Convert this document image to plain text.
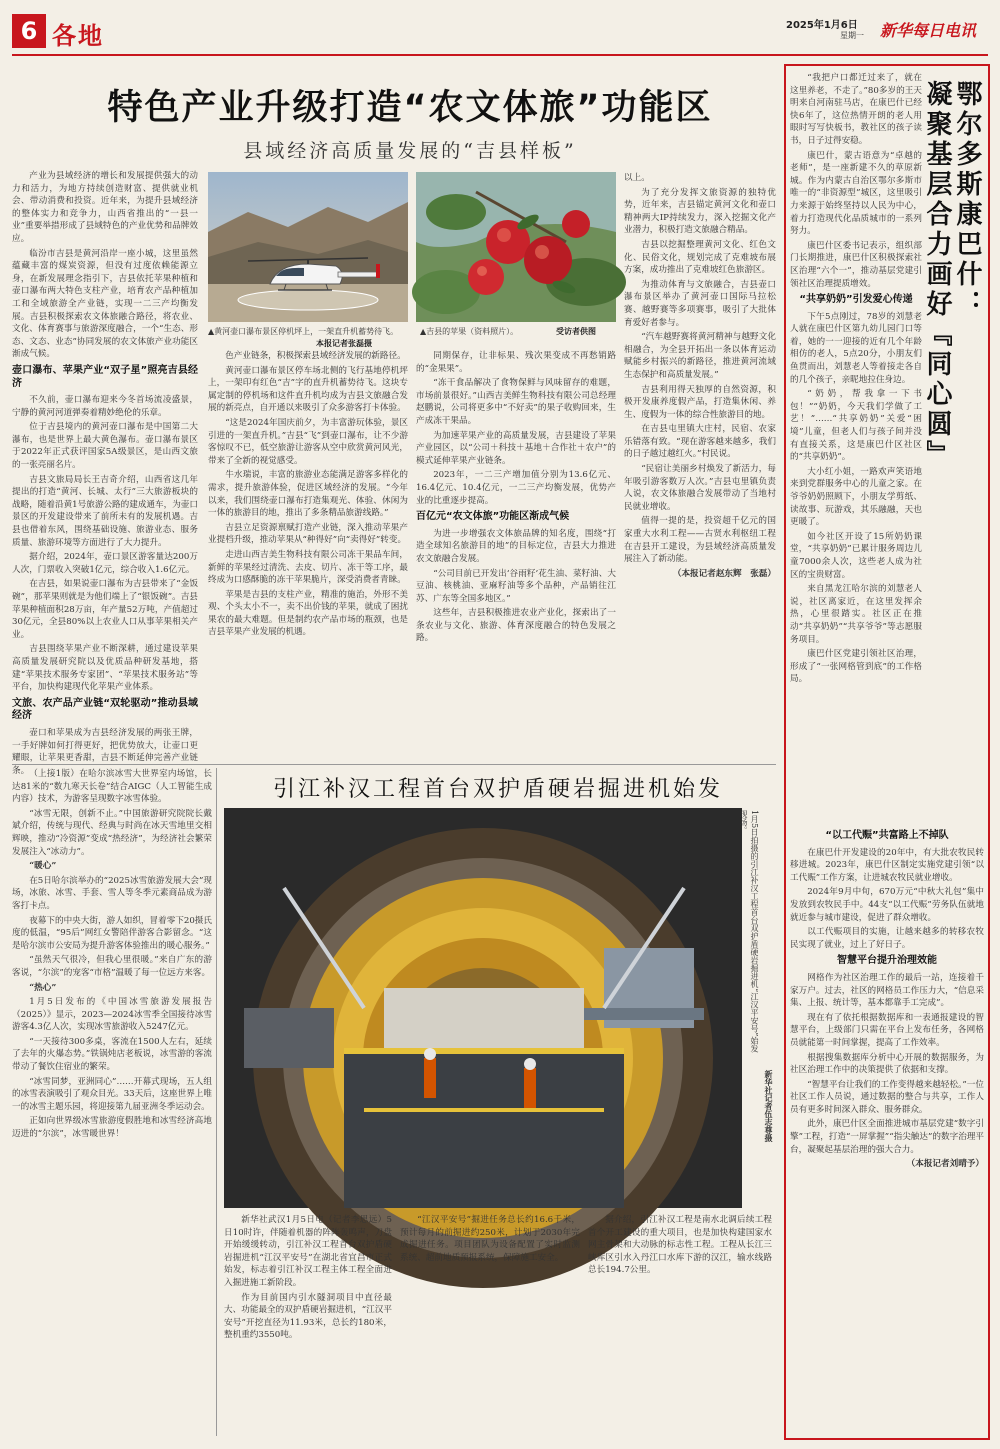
6 各地	2025年1月6日
星期一 新华每日电讯
特色产业升级打造“农文体旅”功能区
县域经济高质量发展的“吉县样板”

产业为县域经济的增长和发展提供强大的动力和活力，为地方持续创造财富、提供就业机会、带动消费和投资。近年来，为提升县域经济的整体实力和竞争力，山西省推出的“一县一业”重要举措形成了县域特色的产业优势和品牌效应。

临汾市吉县是黄河沿岸一座小城，这里虽然蕴藏丰富的煤炭资源，但没有过度依赖能源立身，在新发展理念指引下，吉县依托苹果种植和壶口瀑布两大特色支柱产业，培育农产品种植加工和全域旅游全产业链，实现一二三产均衡发展。吉县积极探索农文体旅融合路径，将农业、文化、体育赛事与旅游深度融合，一个“生态、形态、文态、业态”协同发展的农文体旅产业功能区渐成气候。

壶口瀑布、苹果产业“双子星”照亮吉县经济

不久前，壶口瀑布迎来今冬首场流凌盛景，宁静的黄河河道弹奏着精妙绝伦的乐章。

位于吉县境内的黄河壶口瀑布是中国第二大瀑布，也是世界上最大黄色瀑布。壶口瀑布景区于2022年正式获评国家5A级景区，是山西文旅的一张亮丽名片。

吉县文旅局局长王吉奇介绍，山西省这几年提出的打造“黄河、长城、太行”三大旅游板块的战略，随着沿黄1号旅游公路的建成通车，为壶口景区的开发建设带来了前所未有的发展机遇。吉县也借着东风，围绕基础设施、旅游业态、服务质量、旅游环境等方面进行了大力提升。

据介绍，2024年，壶口景区游客量达200万人次，门票收入突破1亿元，综合收入1.6亿元。

在吉县，如果说壶口瀑布为吉县带来了“金饭碗”，那苹果则就是为他们端上了“银饭碗”。吉县苹果种植面积28万亩，年产量52万吨，产值超过30亿元，全县80%以上农业人口从事苹果相关产业。

吉县围绕苹果产业不断深耕，通过建设苹果高质量发展研究院以及优质品种研发基地，搭建“苹果技术服务专家团”、“苹果技术服务站”等平台，加快构建现代化苹果产业体系。

文旅、农产品产业链“双轮驱动”推动县域经济

壶口和苹果成为吉县经济发展的两张王牌，一手好牌如何打得更好，把优势放大，让壶口更耀眼，让苹果更香甜，吉县不断延伸完善产业链条。

▲黄河壶口瀑布景区停机坪上，一架直升机蓄势待飞。
本报记者张磊摄
▲吉县的苹果（资料照片）。	受访者供图

色产业链条，积极探索县域经济发展的新路径。

黄河壶口瀑布景区停车场北侧的飞行基地停机坪上，一架印有红色“吉”字的直升机蓄势待飞。这块专属定制的停机场和这件直升机均成为吉县文旅融合发展的新亮点，自开通以来吸引了众多游客打卡体验。

“这是2024年国庆前夕，为丰富游玩体验，景区引进的一架直升机。”吉县“飞”到壶口瀑布，让不少游客惊叹不已，低空旅游让游客从空中欣赏黄河风光，带来了全新的视觉感受。

牛水瑞说，丰富的旅游业态能满足游客多样化的需求，提升旅游体验，促进区域经济的发展。“今年以来，我们围绕壶口瀑布打造集观光、体验、休闲为一体的旅游目的地，推出了多条精品旅游线路。”

吉县立足资源禀赋打造产业链，深入推动苹果产业提档升级，推动苹果从“种得好”向“卖得好”转变。

走进山西吉美生物科技有限公司冻干果品车间，新鲜的苹果经过清洗、去皮、切片、冻干等工序，最终成为口感酥脆的冻干苹果脆片，深受消费者青睐。

苹果是吉县的支柱产业，精准的施治，外形不美观、个头太小不一，卖不出价钱的苹果，就成了困扰果农的最大难题。但是制约农产品市场的瓶颈，也是吉县苹果产业发展的机遇。

同期保存，让非标果、残次果变成不再愁销路的“金果果”。

“冻干食品解决了食物保鲜与风味留存的难题，市场前景很好。”山西吉美鲜生物科技有限公司总经理赵鹏说，公司将更多中“不好卖”的果子收购回来，生产成冻干果品。

为加速苹果产业的高质量发展，吉县建设了苹果产业园区，以“公司＋科技＋基地＋合作社＋农户”的模式延伸苹果产业链条。

2023年，一二三产增加值分别为13.6亿元、16.4亿元、10.4亿元，一二三产均衡发展，优势产业的比重逐步提高。

百亿元“农文体旅”功能区渐成气候

为进一步增强农文体旅品牌的知名度，围绕“打造全球知名旅游目的地”的目标定位，吉县大力推进农文旅融合发展。

“公司目前已开发出‘谷雨籽’花生油、菜籽油、大豆油、核桃油、亚麻籽油等多个品种，产品销往江苏、广东等全国多地区。”

这些年，吉县积极推进农业产业化，探索出了一条农业与文化、旅游、体育深度融合的特色发展之路。

以上。

为了充分发挥文旅资源的独特优势，近年来，吉县锚定黄河文化和壶口精神两大IP持续发力，深入挖掘文化产业潜力，积极打造文旅融合精品。

吉县以挖掘整理黄河文化、红色文化、民俗文化，规划完成了克难坡布展方案，成功推出了克难坡红色旅游区。

为推动体育与文旅融合，吉县壶口瀑布景区举办了黄河壶口国际马拉松赛、越野赛等多项赛事，吸引了大批体育爱好者参与。

“汽车越野赛将黄河精神与越野文化相融合，为全县开拓出一条以体育运动赋能乡村振兴的新路径，推进黄河流域生态保护和高质量发展。”

吉县利用得天独厚的自然资源，积极开发康养度假产品，打造集休闲、养生、度假为一体的综合性旅游目的地。

在吉县屯里镇大庄村，民宿、农家乐错落有致。“现在游客越来越多，我们的日子越过越红火。”村民说。

“民宿让美丽乡村焕发了新活力，每年吸引游客数万人次。”吉县屯里镇负责人说，农文体旅融合发展带动了当地村民就业增收。

值得一提的是，投资超千亿元的国家重大水利工程——古贤水利枢纽工程在吉县开工建设，为县域经济高质量发展注入了新动能。

（本报记者赵东辉　张磊）

（上接1版）在哈尔滨冰雪大世界室内场馆，长达81米的“数九寒天长卷”结合AIGC（人工智能生成内容）技术，为游客呈现数字冰雪体验。

“冰雪无限，创新不止。”中国旅游研究院院长戴斌介绍，传统与现代、经典与时尚在冰天雪地里交相辉映，推动“冷资源”变成“热经济”，为经济社会繁荣发展注入“冰动力”。

“暖心”

在5日哈尔滨举办的“2025冰雪旅游发展大会”现场，冰旅、冰雪、手套、雪人等冬季元素商品成为游客打卡点。

夜幕下的中央大街，游人如织，冒着零下20摄氏度的低温，“95后”网红女警陪伴游客合影留念。“这是哈尔滨市公安局为提升游客体验推出的暖心服务。”

“虽然天气很冷，但我心里很暖。”来自广东的游客说，“尔滨”的宠客“市格”温暖了每一位远方来客。

“热心”

1月5日发布的《中国冰雪旅游发展报告（2025）》显示，2023—2024冰雪季全国接待冰雪游客4.3亿人次，实现冰雪旅游收入5247亿元。

“一天接待300多桌，客流在1500人左右，延续了去年的火爆态势。”铁锅炖店老板说，冰雪游的客流带动了餐饮住宿业的繁荣。

“冰雪同梦，亚洲同心”……开幕式现场，五人组的冰雪表演吸引了观众目光。33天后，这座世界上唯一的冰雪主题乐园，将迎接第九届亚洲冬季运动会。

正如向世界级冰雪旅游度假胜地和冰雪经济高地迈进的“尔滨”，冰雪暖世界！

引江补汉工程首台双护盾硬岩掘进机始发
1月5日拍摄的引江补汉工程首台双护盾硬岩掘进机“江汉平安号”始发现场。
新华社记者伍志尊摄

新华社武汉1月5日电（记者李思远）5日10时许，伴随着机器的阵阵轰鸣声，刀盘开始缓缓转动，引江补汉工程首台双护盾硬岩掘进机“江汉平安号”在湖北省宜昌市正式始发，标志着引江补汉工程主体工程全面进入掘进施工新阶段。

作为目前国内引水隧洞项目中直径最大、功能最全的双护盾硬岩掘进机，“江汉平安号”开挖直径为11.93米，总长约180米，整机重约3550吨。

“江汉平安号”掘进任务总长约16.6千米，预计每月的前掘进约250米，计划于2030年完成掘进任务。项目团队为设备配置了实时监测系统、超前地质预报系统，保障施工安全。

据介绍，引江补汉工程是南水北调后续工程首个开工建设的重大项目，也是加快构建国家水网主骨架和大动脉的标志性工程。工程从长江三峡库区引水入丹江口水库下游的汉江，输水线路总长194.7公里。

“我把户口都迁过来了，就在这里养老，不走了。”80多岁的王天明来自河南驻马店，在康巴什已经快6年了，这位热情开朗的老人用眼时写写快板书，教社区的孩子读书，日子过得安稳。

康巴什，蒙古语意为“卓越的老师”，是一座新建不久的草原新城。作为内蒙古自治区鄂尔多斯市唯一的“非资源型”城区，这里吸引力来源于始终坚持以人民为中心，着力打造现代化品质城市的一系列努力。

康巴什区委书记表示，组织部门长期推进，康巴什区积极探索社区治理“六个一”，推动基层党建引领社区治理提质增效。

“共享奶奶”引发爱心传递

下午5点刚过，78岁的刘慧老人就在康巴什区第九幼儿园门口等着，她的一一迎接的近有几个年龄相仿的老人，5点20分，小朋友们鱼贯而出，刘慧老人等着接走各自的几个孩子，亲昵地拉住身边。

“奶奶，帮我拿一下书包！”“奶奶，今天我们学做了工艺！”……“共享奶奶”关爱“困境”儿童，但老人们与孩子间并没有直接关系，这是康巴什区社区的“共享奶奶”。

大小红小姐，一路欢声笑语地来到党群服务中心的儿童之家。在爷爷奶奶照顾下，小朋友学剪纸、读故事、玩游戏，其乐融融，天也更暖了。

如今社区开设了15所奶奶课堂，“共享奶奶”已累计服务周边儿童7000余人次，这些老人成为社区的宝贵财富。

来自黑龙江哈尔滨的刘慧老人说，社区离家近，在这里发挥余热，心里很踏实。社区正在推动“共享奶奶”“共享爷爷”等志愿服务项目。

康巴什区党建引领社区治理，形成了“一张网格管到底”的工作格局。

鄂尔多斯康巴什：
凝聚基层合力画好『同心圆』
“以工代赈”共富路上不掉队

在康巴什开发建设的20年中，有大批农牧民转移进城。2023年，康巴什区制定实施党建引领“以工代赈”工作方案，让进城农牧民就业增收。

2024年9月中旬，670万元“中秋大礼包”集中发放到农牧民手中。44支“以工代赈”劳务队伍就地就近参与城市建设，促进了群众增收。

以工代赈项目的实施，让越来越多的转移农牧民实现了就业，过上了好日子。

智慧平台提升治理效能

网格作为社区治理工作的最后一站，连接着千家万户。过去，社区的网格员工作压力大，“信息采集、上报、统计等，基本都靠手工完成”。

现在有了依托根据数据库和一表通报建设的智慧平台，上级部门只需在平台上发布任务，各网格员就能第一时间掌握，提高了工作效率。

根据搜集数据库分析中心开展的数据服务，为社区治理工作中的决策提供了依据和支撑。

“智慧平台让我们的工作变得越来越轻松。”一位社区工作人员说，通过数据的整合与共享，工作人员有更多时间深入群众、服务群众。

此外，康巴什区全面推进城市基层党建“数字引擎”工程，打造“一屏掌握”“指尖触达”的数字治理平台，凝聚起基层治理的强大合力。

（本报记者刘晴予）
